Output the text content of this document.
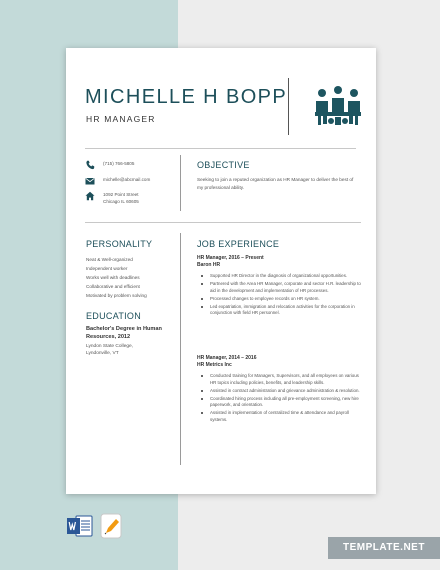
MICHELLE H BOPP

HR MANAGER

(715) 766-5805
michelle@abcmail.com
1092 Point Street
Chicago IL 60605
OBJECTIVE

Seeking to join a reputed organization as HR Manager to deliver the best of my professional ability.

PERSONALITY
Neat & Well-organized
Independent worker
Works well with deadlines
Collaborative and efficient
Motivated by problem solving
EDUCATION

Bachelor's Degree in Human Resources, 2012

Lyndon State College,
Lyndonville, VT

JOB EXPERIENCE

HR Manager, 2016 – Present
Baron HR

Supported HR Director in the diagnosis of organizational opportunities.
Partnered with the Area HR Manager, corporate and sector H.R. leadership to aid in the development and implementation of HR processes.
Processed changes to employee records on HR system.
Led expatriation, immigration and relocation activities for the corporation in conjunction with field HR personnel.

HR Manager, 2014 – 2016
HR Metrics Inc

Conducted training for Managers, Supervisors, and all employees on various HR topics including policies, benefits, and leadership skills.
Assisted in contract administration and grievance administration & resolution.
Coordinated hiring process including all pre-employment screening, new hire paperwork, and orientation.
Assisted in implementation of centralized time & attendance and payroll systems.
TEMPLATE.NET
